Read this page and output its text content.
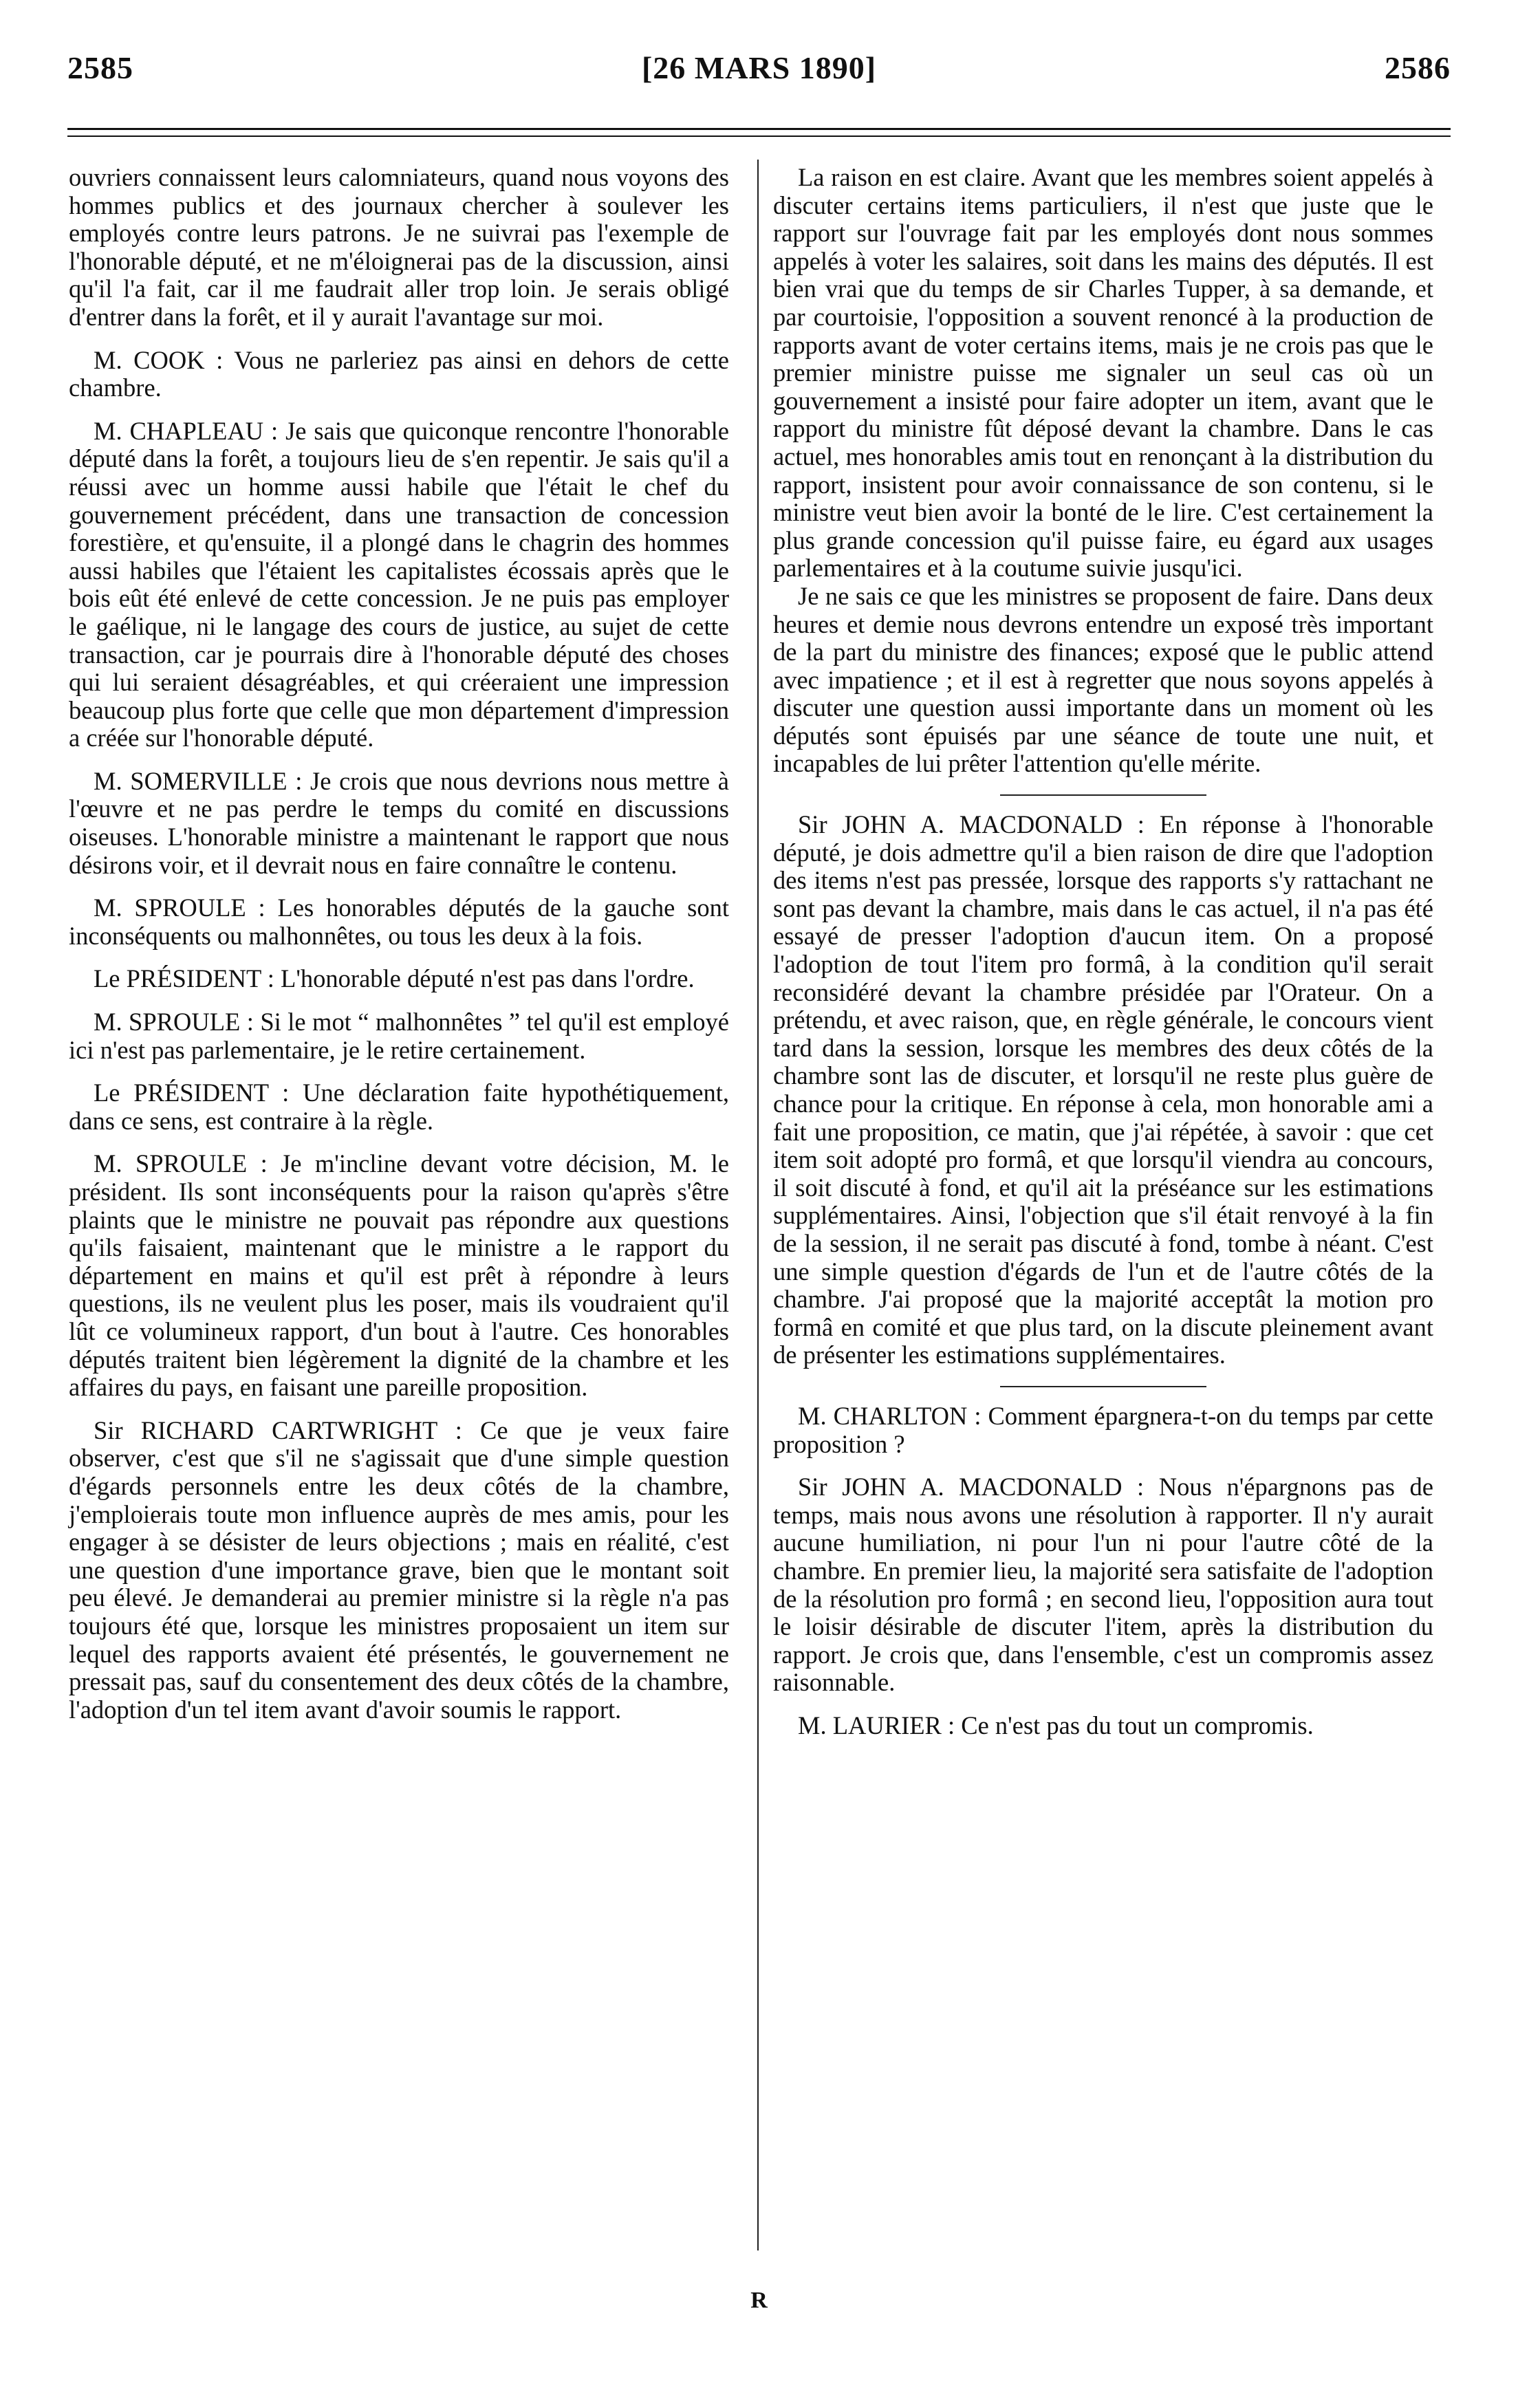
2585	[26 MARS 1890]	2586

ouvriers connaissent leurs calomniateurs, quand nous voyons des hommes publics et des journaux chercher à soulever les employés contre leurs patrons. Je ne suivrai pas l'exemple de l'honorable député, et ne m'éloignerai pas de la discussion, ainsi qu'il l'a fait, car il me faudrait aller trop loin. Je serais obligé d'entrer dans la forêt, et il y aurait l'avantage sur moi.

M. COOK : Vous ne parleriez pas ainsi en dehors de cette chambre.

M. CHAPLEAU : Je sais que quiconque rencontre l'honorable député dans la forêt, a toujours lieu de s'en repentir. Je sais qu'il a réussi avec un homme aussi habile que l'était le chef du gouvernement précédent, dans une transaction de concession forestière, et qu'ensuite, il a plongé dans le chagrin des hommes aussi habiles que l'étaient les capitalistes écossais après que le bois eût été enlevé de cette concession. Je ne puis pas employer le gaélique, ni le langage des cours de justice, au sujet de cette transaction, car je pourrais dire à l'honorable député des choses qui lui seraient désagréables, et qui créeraient une impression beaucoup plus forte que celle que mon département d'impression a créée sur l'honorable député.

M. SOMERVILLE : Je crois que nous devrions nous mettre à l'œuvre et ne pas perdre le temps du comité en discussions oiseuses. L'honorable ministre a maintenant le rapport que nous désirons voir, et il devrait nous en faire connaître le contenu.

M. SPROULE : Les honorables députés de la gauche sont inconséquents ou malhonnêtes, ou tous les deux à la fois.

Le PRÉSIDENT : L'honorable député n'est pas dans l'ordre.

M. SPROULE : Si le mot “ malhonnêtes ” tel qu'il est employé ici n'est pas parlementaire, je le retire certainement.

Le PRÉSIDENT : Une déclaration faite hypothétiquement, dans ce sens, est contraire à la règle.

M. SPROULE : Je m'incline devant votre décision, M. le président. Ils sont inconséquents pour la raison qu'après s'être plaints que le ministre ne pouvait pas répondre aux questions qu'ils faisaient, maintenant que le ministre a le rapport du département en mains et qu'il est prêt à répondre à leurs questions, ils ne veulent plus les poser, mais ils voudraient qu'il lût ce volumineux rapport, d'un bout à l'autre. Ces honorables députés traitent bien légèrement la dignité de la chambre et les affaires du pays, en faisant une pareille proposition.

Sir RICHARD CARTWRIGHT : Ce que je veux faire observer, c'est que s'il ne s'agissait que d'une simple question d'égards personnels entre les deux côtés de la chambre, j'emploierais toute mon influence auprès de mes amis, pour les engager à se désister de leurs objections ; mais en réalité, c'est une question d'une importance grave, bien que le montant soit peu élevé. Je demanderai au premier ministre si la règle n'a pas toujours été que, lorsque les ministres proposaient un item sur lequel des rapports avaient été présentés, le gouvernement ne pressait pas, sauf du consentement des deux côtés de la chambre, l'adoption d'un tel item avant d'avoir soumis le rapport.

La raison en est claire. Avant que les membres soient appelés à discuter certains items particuliers, il n'est que juste que le rapport sur l'ouvrage fait par les employés dont nous sommes appelés à voter les salaires, soit dans les mains des députés. Il est bien vrai que du temps de sir Charles Tupper, à sa demande, et par courtoisie, l'opposition a souvent renoncé à la production de rapports avant de voter certains items, mais je ne crois pas que le premier ministre puisse me signaler un seul cas où un gouvernement a insisté pour faire adopter un item, avant que le rapport du ministre fût déposé devant la chambre. Dans le cas actuel, mes honorables amis tout en renonçant à la distribution du rapport, insistent pour avoir connaissance de son contenu, si le ministre veut bien avoir la bonté de le lire. C'est certainement la plus grande concession qu'il puisse faire, eu égard aux usages parlementaires et à la coutume suivie jusqu'ici.

Je ne sais ce que les ministres se proposent de faire. Dans deux heures et demie nous devrons entendre un exposé très important de la part du ministre des finances; exposé que le public attend avec impatience ; et il est à regretter que nous soyons appelés à discuter une question aussi importante dans un moment où les députés sont épuisés par une séance de toute une nuit, et incapables de lui prêter l'attention qu'elle mérite.

Sir JOHN A. MACDONALD : En réponse à l'honorable député, je dois admettre qu'il a bien raison de dire que l'adoption des items n'est pas pressée, lorsque des rapports s'y rattachant ne sont pas devant la chambre, mais dans le cas actuel, il n'a pas été essayé de presser l'adoption d'aucun item. On a proposé l'adoption de tout l'item pro formâ, à la condition qu'il serait reconsidéré devant la chambre présidée par l'Orateur. On a prétendu, et avec raison, que, en règle générale, le concours vient tard dans la session, lorsque les membres des deux côtés de la chambre sont las de discuter, et lorsqu'il ne reste plus guère de chance pour la critique. En réponse à cela, mon honorable ami a fait une proposition, ce matin, que j'ai répétée, à savoir : que cet item soit adopté pro formâ, et que lorsqu'il viendra au concours, il soit discuté à fond, et qu'il ait la préséance sur les estimations supplémentaires. Ainsi, l'objection que s'il était renvoyé à la fin de la session, il ne serait pas discuté à fond, tombe à néant. C'est une simple question d'égards de l'un et de l'autre côtés de la chambre. J'ai proposé que la majorité acceptât la motion pro formâ en comité et que plus tard, on la discute pleinement avant de présenter les estimations supplémentaires.

M. CHARLTON : Comment épargnera-t-on du temps par cette proposition ?

Sir JOHN A. MACDONALD : Nous n'épargnons pas de temps, mais nous avons une résolution à rapporter. Il n'y aurait aucune humiliation, ni pour l'un ni pour l'autre côté de la chambre. En premier lieu, la majorité sera satisfaite de l'adoption de la résolution pro formâ ; en second lieu, l'opposition aura tout le loisir désirable de discuter l'item, après la distribution du rapport. Je crois que, dans l'ensemble, c'est un compromis assez raisonnable.

M. LAURIER : Ce n'est pas du tout un compromis.

R
